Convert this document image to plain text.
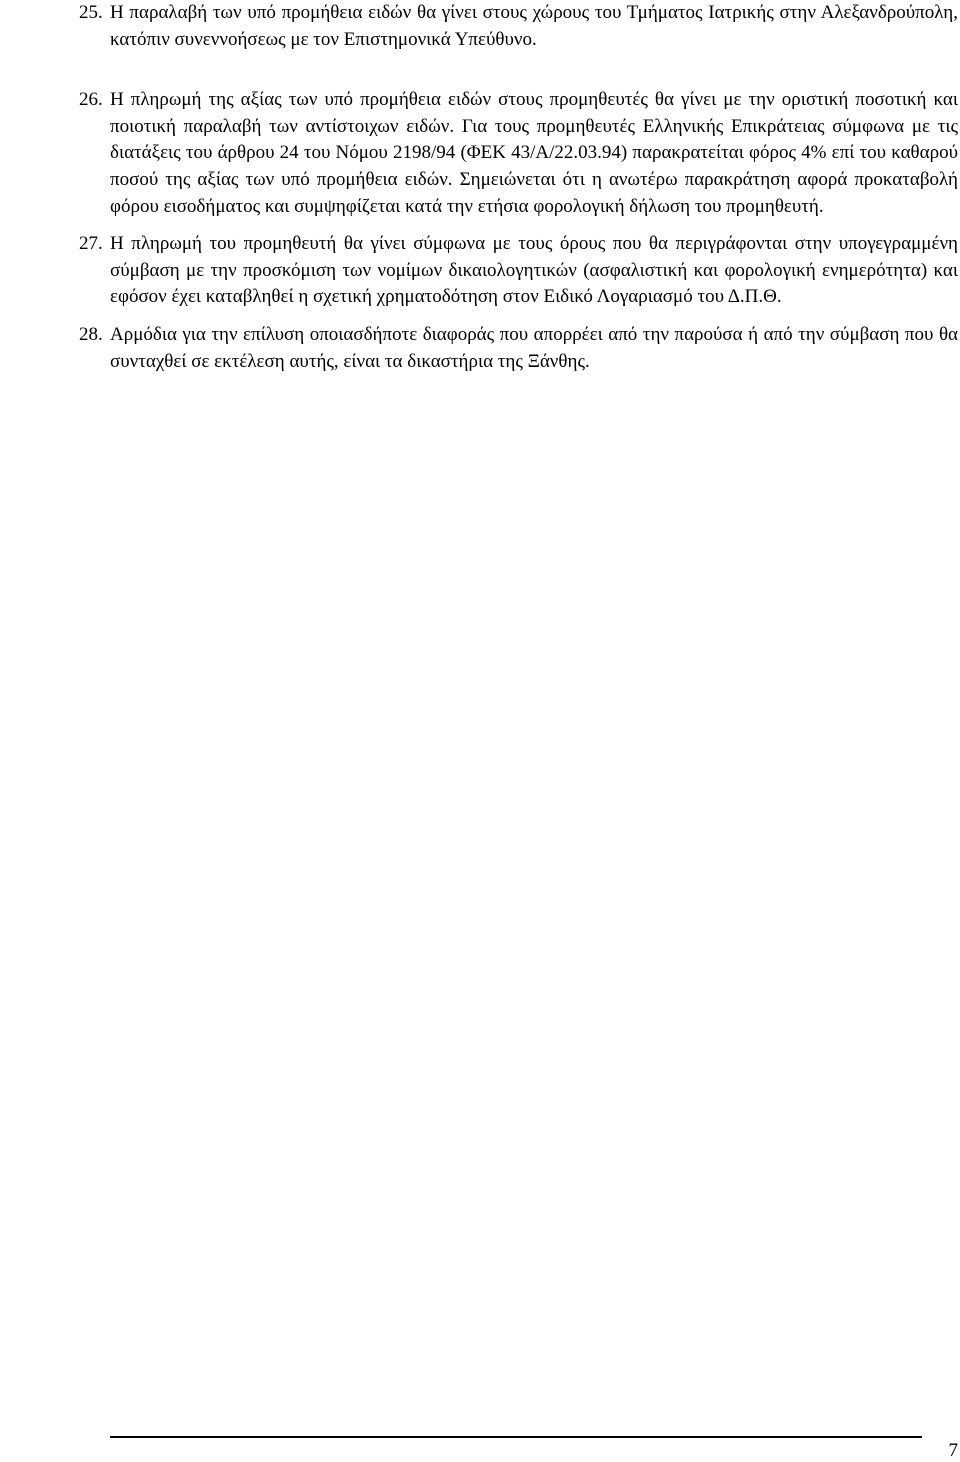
25. Η παραλαβή των υπό προμήθεια ειδών θα γίνει στους χώρους του Τμήματος Ιατρικής στην Αλεξανδρούπολη, κατόπιν συνεννοήσεως με τον Επιστημονικά Υπεύθυνο.
26. Η πληρωμή της αξίας των υπό προμήθεια ειδών στους προμηθευτές θα γίνει με την οριστική ποσοτική και ποιοτική παραλαβή των αντίστοιχων ειδών. Για τους προμηθευτές Ελληνικής Επικράτειας σύμφωνα με τις διατάξεις του άρθρου 24 του Νόμου 2198/94 (ΦΕΚ 43/Α/22.03.94) παρακρατείται φόρος 4% επί του καθαρού ποσού της αξίας των υπό προμήθεια ειδών. Σημειώνεται ότι η ανωτέρω παρακράτηση αφορά προκαταβολή φόρου εισοδήματος και συμψηφίζεται κατά την ετήσια φορολογική δήλωση του προμηθευτή.
27. Η πληρωμή του προμηθευτή θα γίνει σύμφωνα με τους όρους που θα περιγράφονται στην υπογεγραμμένη σύμβαση με την προσκόμιση των νομίμων δικαιολογητικών (ασφαλιστική και φορολογική ενημερότητα) και εφόσον έχει καταβληθεί η σχετική χρηματοδότηση στον Ειδικό Λογαριασμό του Δ.Π.Θ.
28. Αρμόδια για την επίλυση οποιασδήποτε διαφοράς που απορρέει από την παρούσα ή από την σύμβαση που θα συνταχθεί σε εκτέλεση αυτής, είναι τα δικαστήρια της Ξάνθης.
7
